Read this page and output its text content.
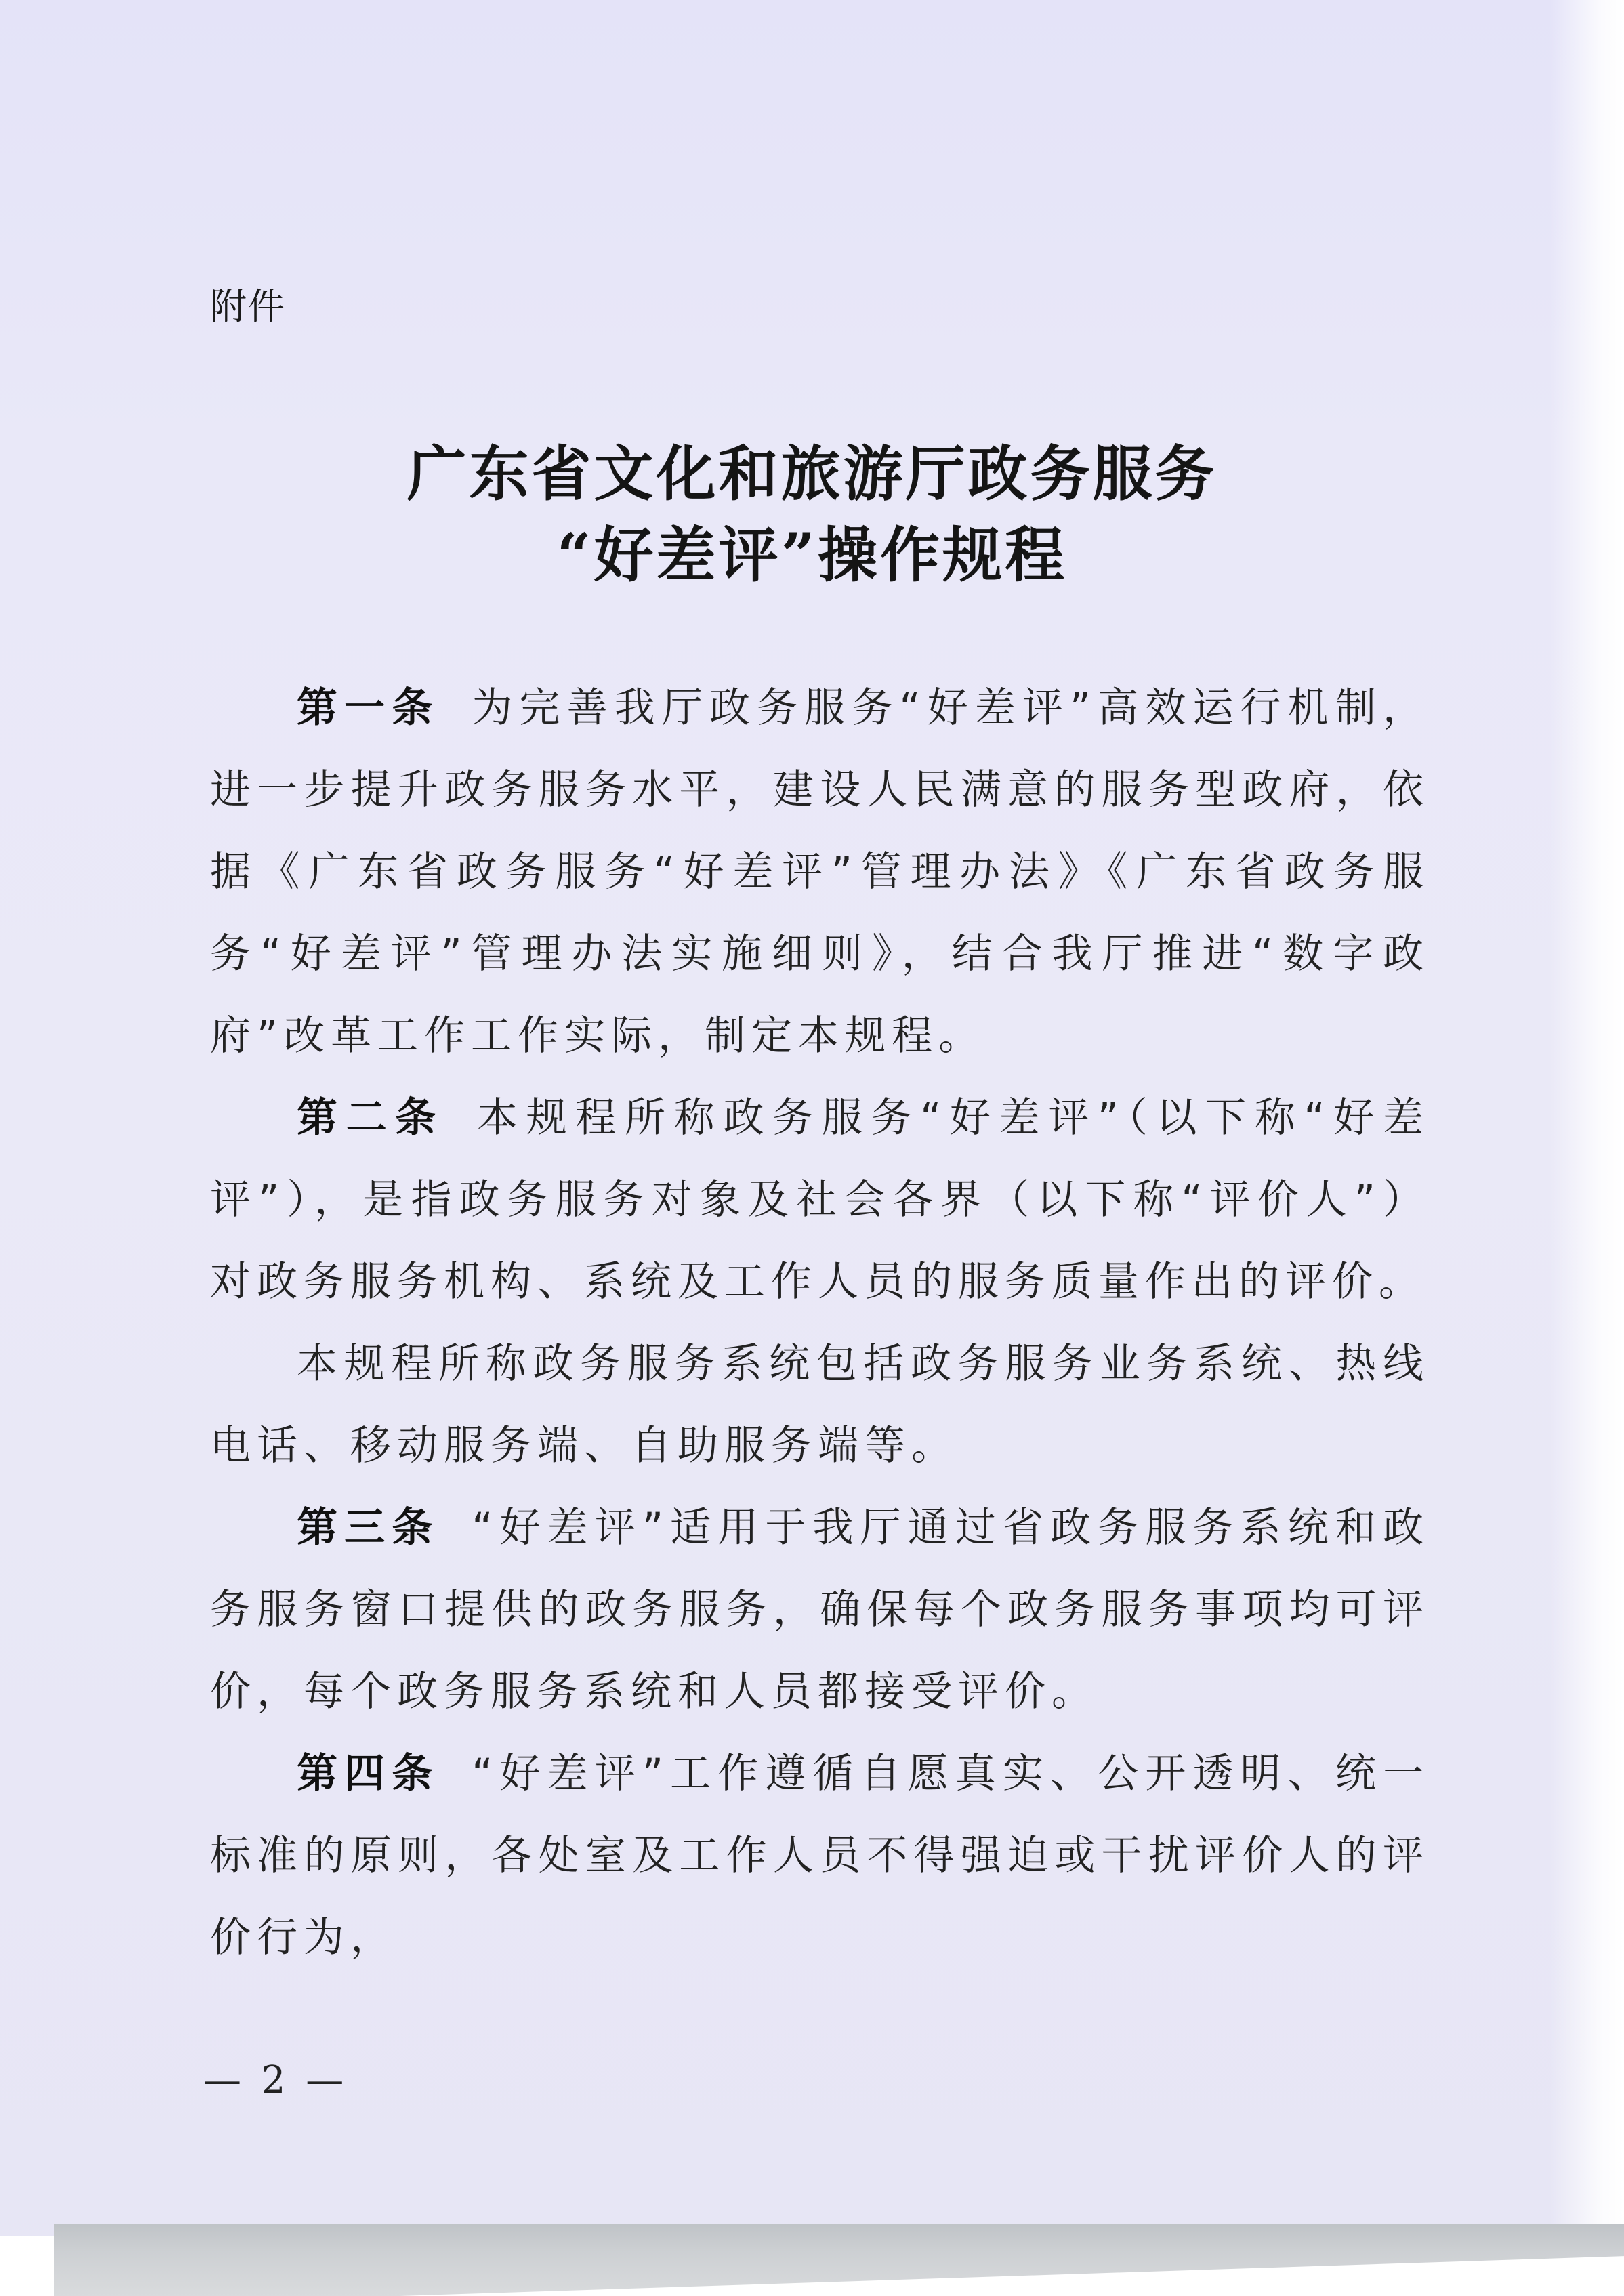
附件
广东省文化和旅游厅政务服务
“好差评”操作规程

第一条 为完善我厅政务服务“好差评”高效运行机制，进一步提升政务服务水平，建设人民满意的服务型政府，依据《广东省政务服务“好差评”管理办法》《广东省政务服务“好差评”管理办法实施细则》，结合我厅推进“数字政府”改革工作工作实际，制定本规程。

第二条 本规程所称政务服务“好差评”（以下称“好差评”），是指政务服务对象及社会各界（以下称“评价人”）对政务服务机构、系统及工作人员的服务质量作出的评价。

本规程所称政务服务系统包括政务服务业务系统、热线电话、移动服务端、自助服务端等。

第三条 “好差评”适用于我厅通过省政务服务系统和政务服务窗口提供的政务服务，确保每个政务服务事项均可评价，每个政务服务系统和人员都接受评价。

第四条 “好差评”工作遵循自愿真实、公开透明、统一标准的原则，各处室及工作人员不得强迫或干扰评价人的评价行为，

— 2 —
